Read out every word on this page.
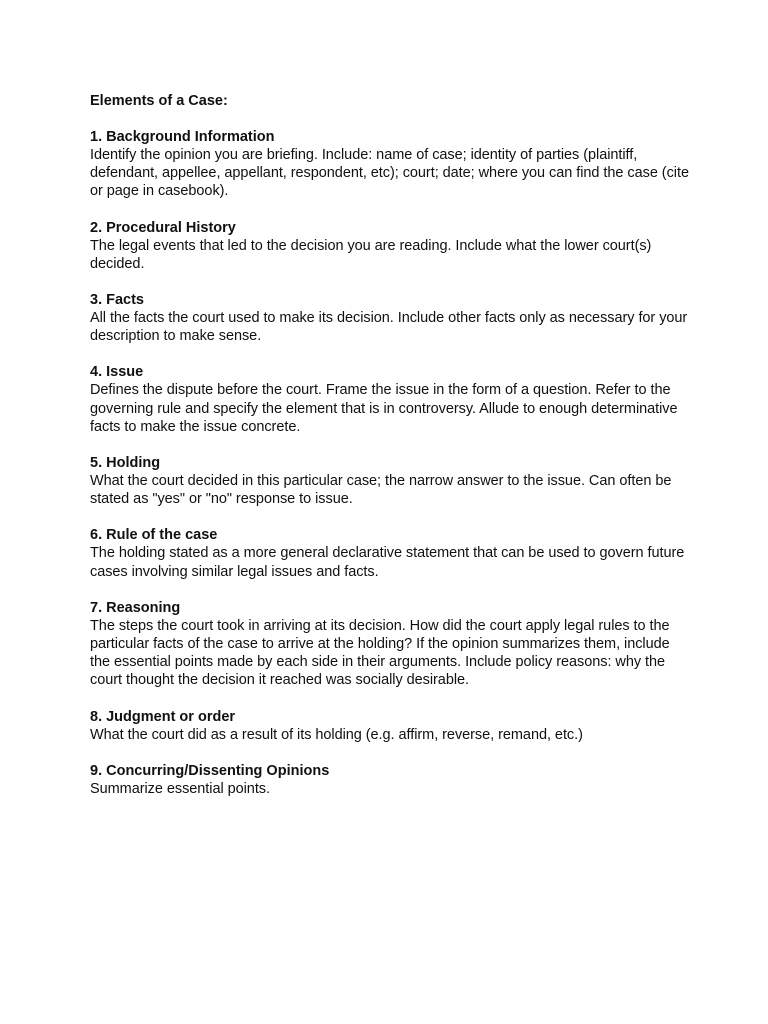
Elements of a Case:

1. Background Information

Identify the opinion you are briefing. Include: name of case; identity of parties (plaintiff, defendant, appellee, appellant, respondent, etc); court; date; where you can find the case (cite or page in casebook).

2. Procedural History

The legal events that led to the decision you are reading. Include what the lower court(s) decided.

3. Facts

All the facts the court used to make its decision. Include other facts only as necessary for your description to make sense.

4. Issue

Defines the dispute before the court. Frame the issue in the form of a question. Refer to the governing rule and specify the element that is in controversy. Allude to enough determinative facts to make the issue concrete.

5. Holding

What the court decided in this particular case; the narrow answer to the issue. Can often be stated as "yes" or "no" response to issue.

6. Rule of the case

The holding stated as a more general declarative statement that can be used to govern future cases involving similar legal issues and facts.

7. Reasoning

The steps the court took in arriving at its decision. How did the court apply legal rules to the particular facts of the case to arrive at the holding? If the opinion summarizes them, include the essential points made by each side in their arguments. Include policy reasons: why the court thought the decision it reached was socially desirable.

8. Judgment or order

What the court did as a result of its holding (e.g. affirm, reverse, remand, etc.)

9. Concurring/Dissenting Opinions

Summarize essential points.
